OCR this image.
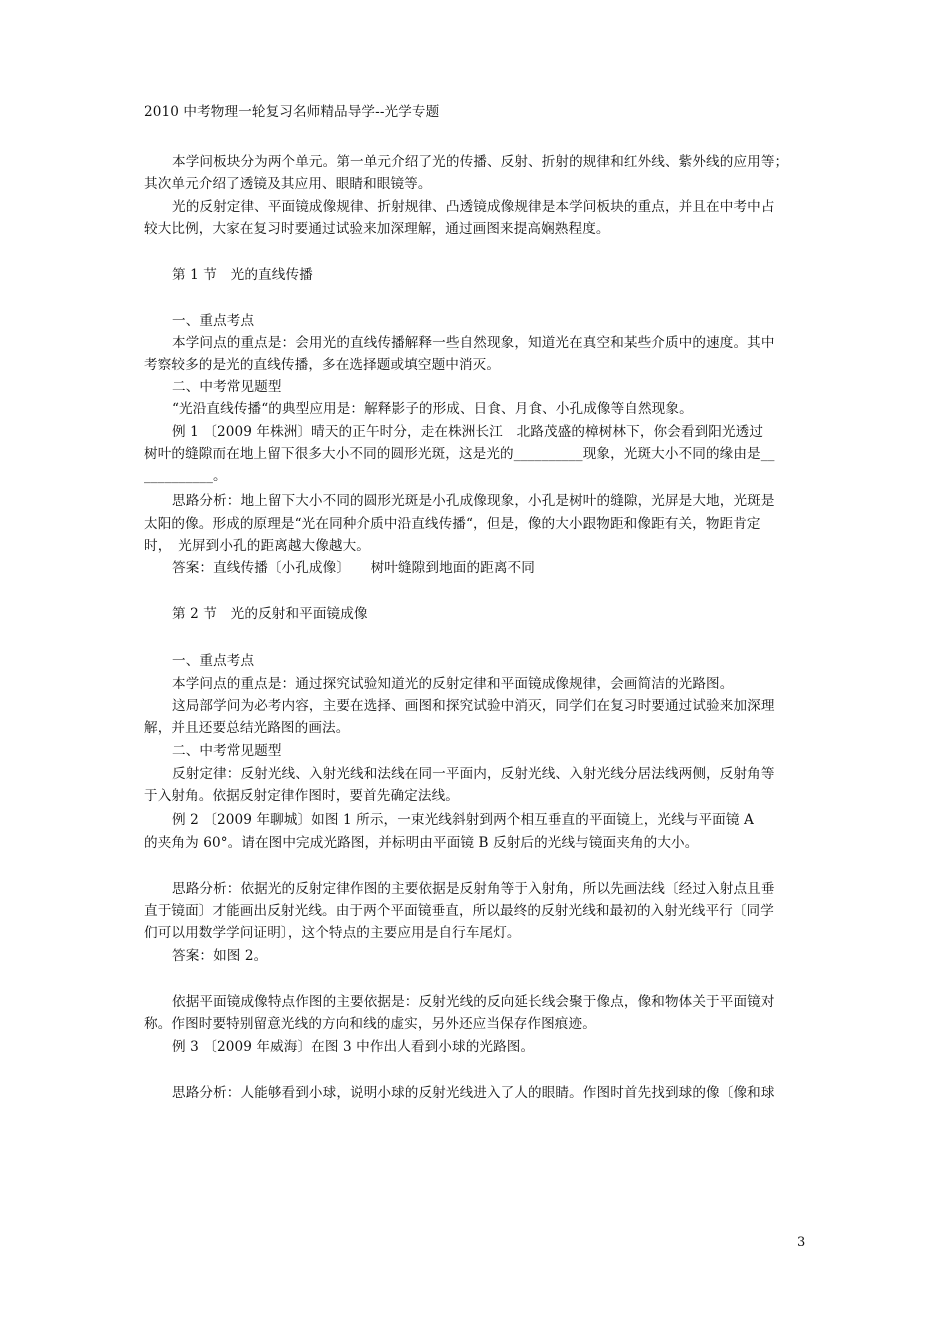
2010 中考物理一轮复习名师精品导学--光学专题
本学问板块分为两个单元。第一单元介绍了光的传播、反射、折射的规律和红外线、紫外线的应用等；
其次单元介绍了透镜及其应用、眼睛和眼镜等。
光的反射定律、平面镜成像规律、折射规律、凸透镜成像规律是本学问板块的重点，并且在中考中占
较大比例，大家在复习时要通过试验来加深理解，通过画图来提高娴熟程度。
第 1 节　光的直线传播
一、重点考点
本学问点的重点是：会用光的直线传播解释一些自然现象，知道光在真空和某些介质中的速度。其中
考察较多的是光的直线传播，多在选择题或填空题中消灭。
二、中考常见题型
“光沿直线传播“的典型应用是：解释影子的形成、日食、月食、小孔成像等自然现象。
例 1 〔2009 年株洲〕晴天的正午时分，走在株洲长江　北路茂盛的樟树林下，你会看到阳光透过
树叶的缝隙而在地上留下很多大小不同的圆形光斑，这是光的__________现象，光斑大小不同的缘由是__
__________。
思路分析：地上留下大小不同的圆形光斑是小孔成像现象，小孔是树叶的缝隙，光屏是大地，光斑是
太阳的像。形成的原理是“光在同种介质中沿直线传播“，但是，像的大小跟物距和像距有关，物距肯定
时，　光屏到小孔的距离越大像越大。
答案：直线传播〔小孔成像〕　　树叶缝隙到地面的距离不同
第 2 节　光的反射和平面镜成像
一、重点考点
本学问点的重点是：通过探究试验知道光的反射定律和平面镜成像规律，会画简洁的光路图。
这局部学问为必考内容，主要在选择、画图和探究试验中消灭，同学们在复习时要通过试验来加深理
解，并且还要总结光路图的画法。
二、中考常见题型
反射定律：反射光线、入射光线和法线在同一平面内，反射光线、入射光线分居法线两侧，反射角等
于入射角。依据反射定律作图时，要首先确定法线。
例 2 〔2009 年聊城〕如图 1 所示，一束光线斜射到两个相互垂直的平面镜上，光线与平面镜 A
的夹角为 60°。请在图中完成光路图，并标明由平面镜 B 反射后的光线与镜面夹角的大小。
思路分析：依据光的反射定律作图的主要依据是反射角等于入射角，所以先画法线〔经过入射点且垂
直于镜面〕才能画出反射光线。由于两个平面镜垂直，所以最终的反射光线和最初的入射光线平行〔同学
们可以用数学学问证明〕，这个特点的主要应用是自行车尾灯。
答案：如图 2。
依据平面镜成像特点作图的主要依据是：反射光线的反向延长线会聚于像点，像和物体关于平面镜对
称。作图时要特别留意光线的方向和线的虚实，另外还应当保存作图痕迹。
例 3 〔2009 年威海〕在图 3 中作出人看到小球的光路图。
思路分析：人能够看到小球，说明小球的反射光线进入了人的眼睛。作图时首先找到球的像〔像和球
3
